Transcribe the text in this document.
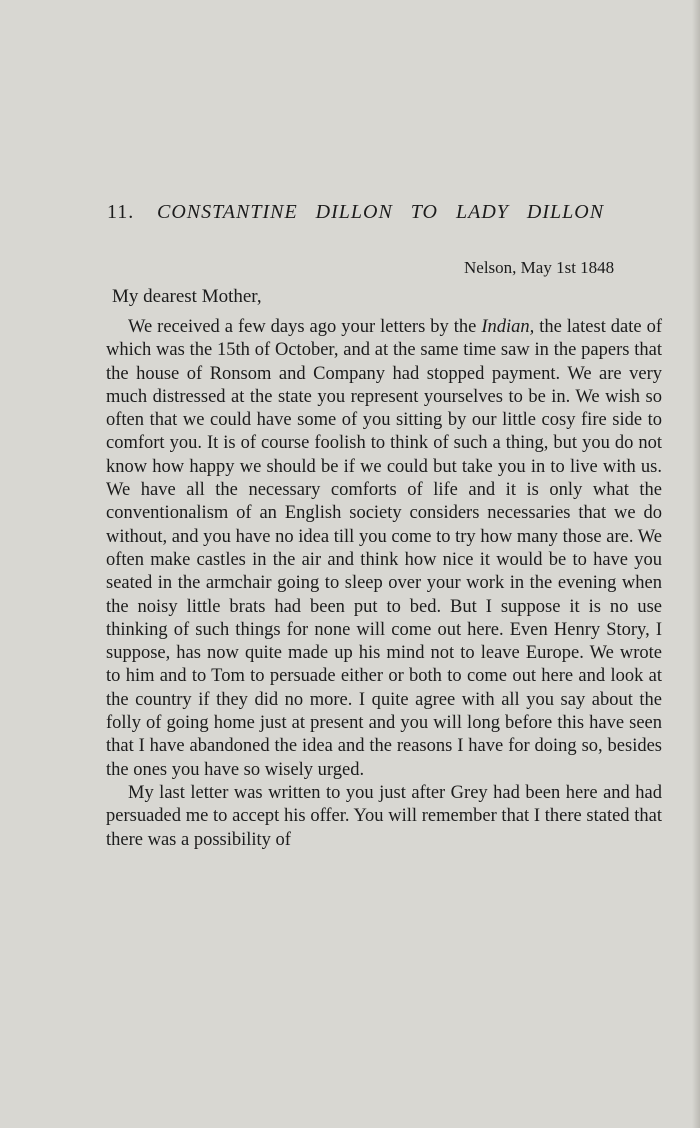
11. CONSTANTINE DILLON TO LADY DILLON
Nelson, May 1st 1848
My dearest Mother,

We received a few days ago your letters by the Indian, the latest date of which was the 15th of October, and at the same time saw in the papers that the house of Ronsom and Company had stopped payment. We are very much distressed at the state you represent yourselves to be in. We wish so often that we could have some of you sitting by our little cosy fire side to comfort you. It is of course foolish to think of such a thing, but you do not know how happy we should be if we could but take you in to live with us. We have all the necessary comforts of life and it is only what the conventionalism of an English society considers necessaries that we do without, and you have no idea till you come to try how many those are. We often make castles in the air and think how nice it would be to have you seated in the armchair going to sleep over your work in the evening when the noisy little brats had been put to bed. But I suppose it is no use thinking of such things for none will come out here. Even Henry Story, I suppose, has now quite made up his mind not to leave Europe. We wrote to him and to Tom to persuade either or both to come out here and look at the country if they did no more. I quite agree with all you say about the folly of going home just at present and you will long before this have seen that I have abandoned the idea and the reasons I have for doing so, besides the ones you have so wisely urged.

My last letter was written to you just after Grey had been here and had persuaded me to accept his offer. You will remember that I there stated that there was a possibility of
